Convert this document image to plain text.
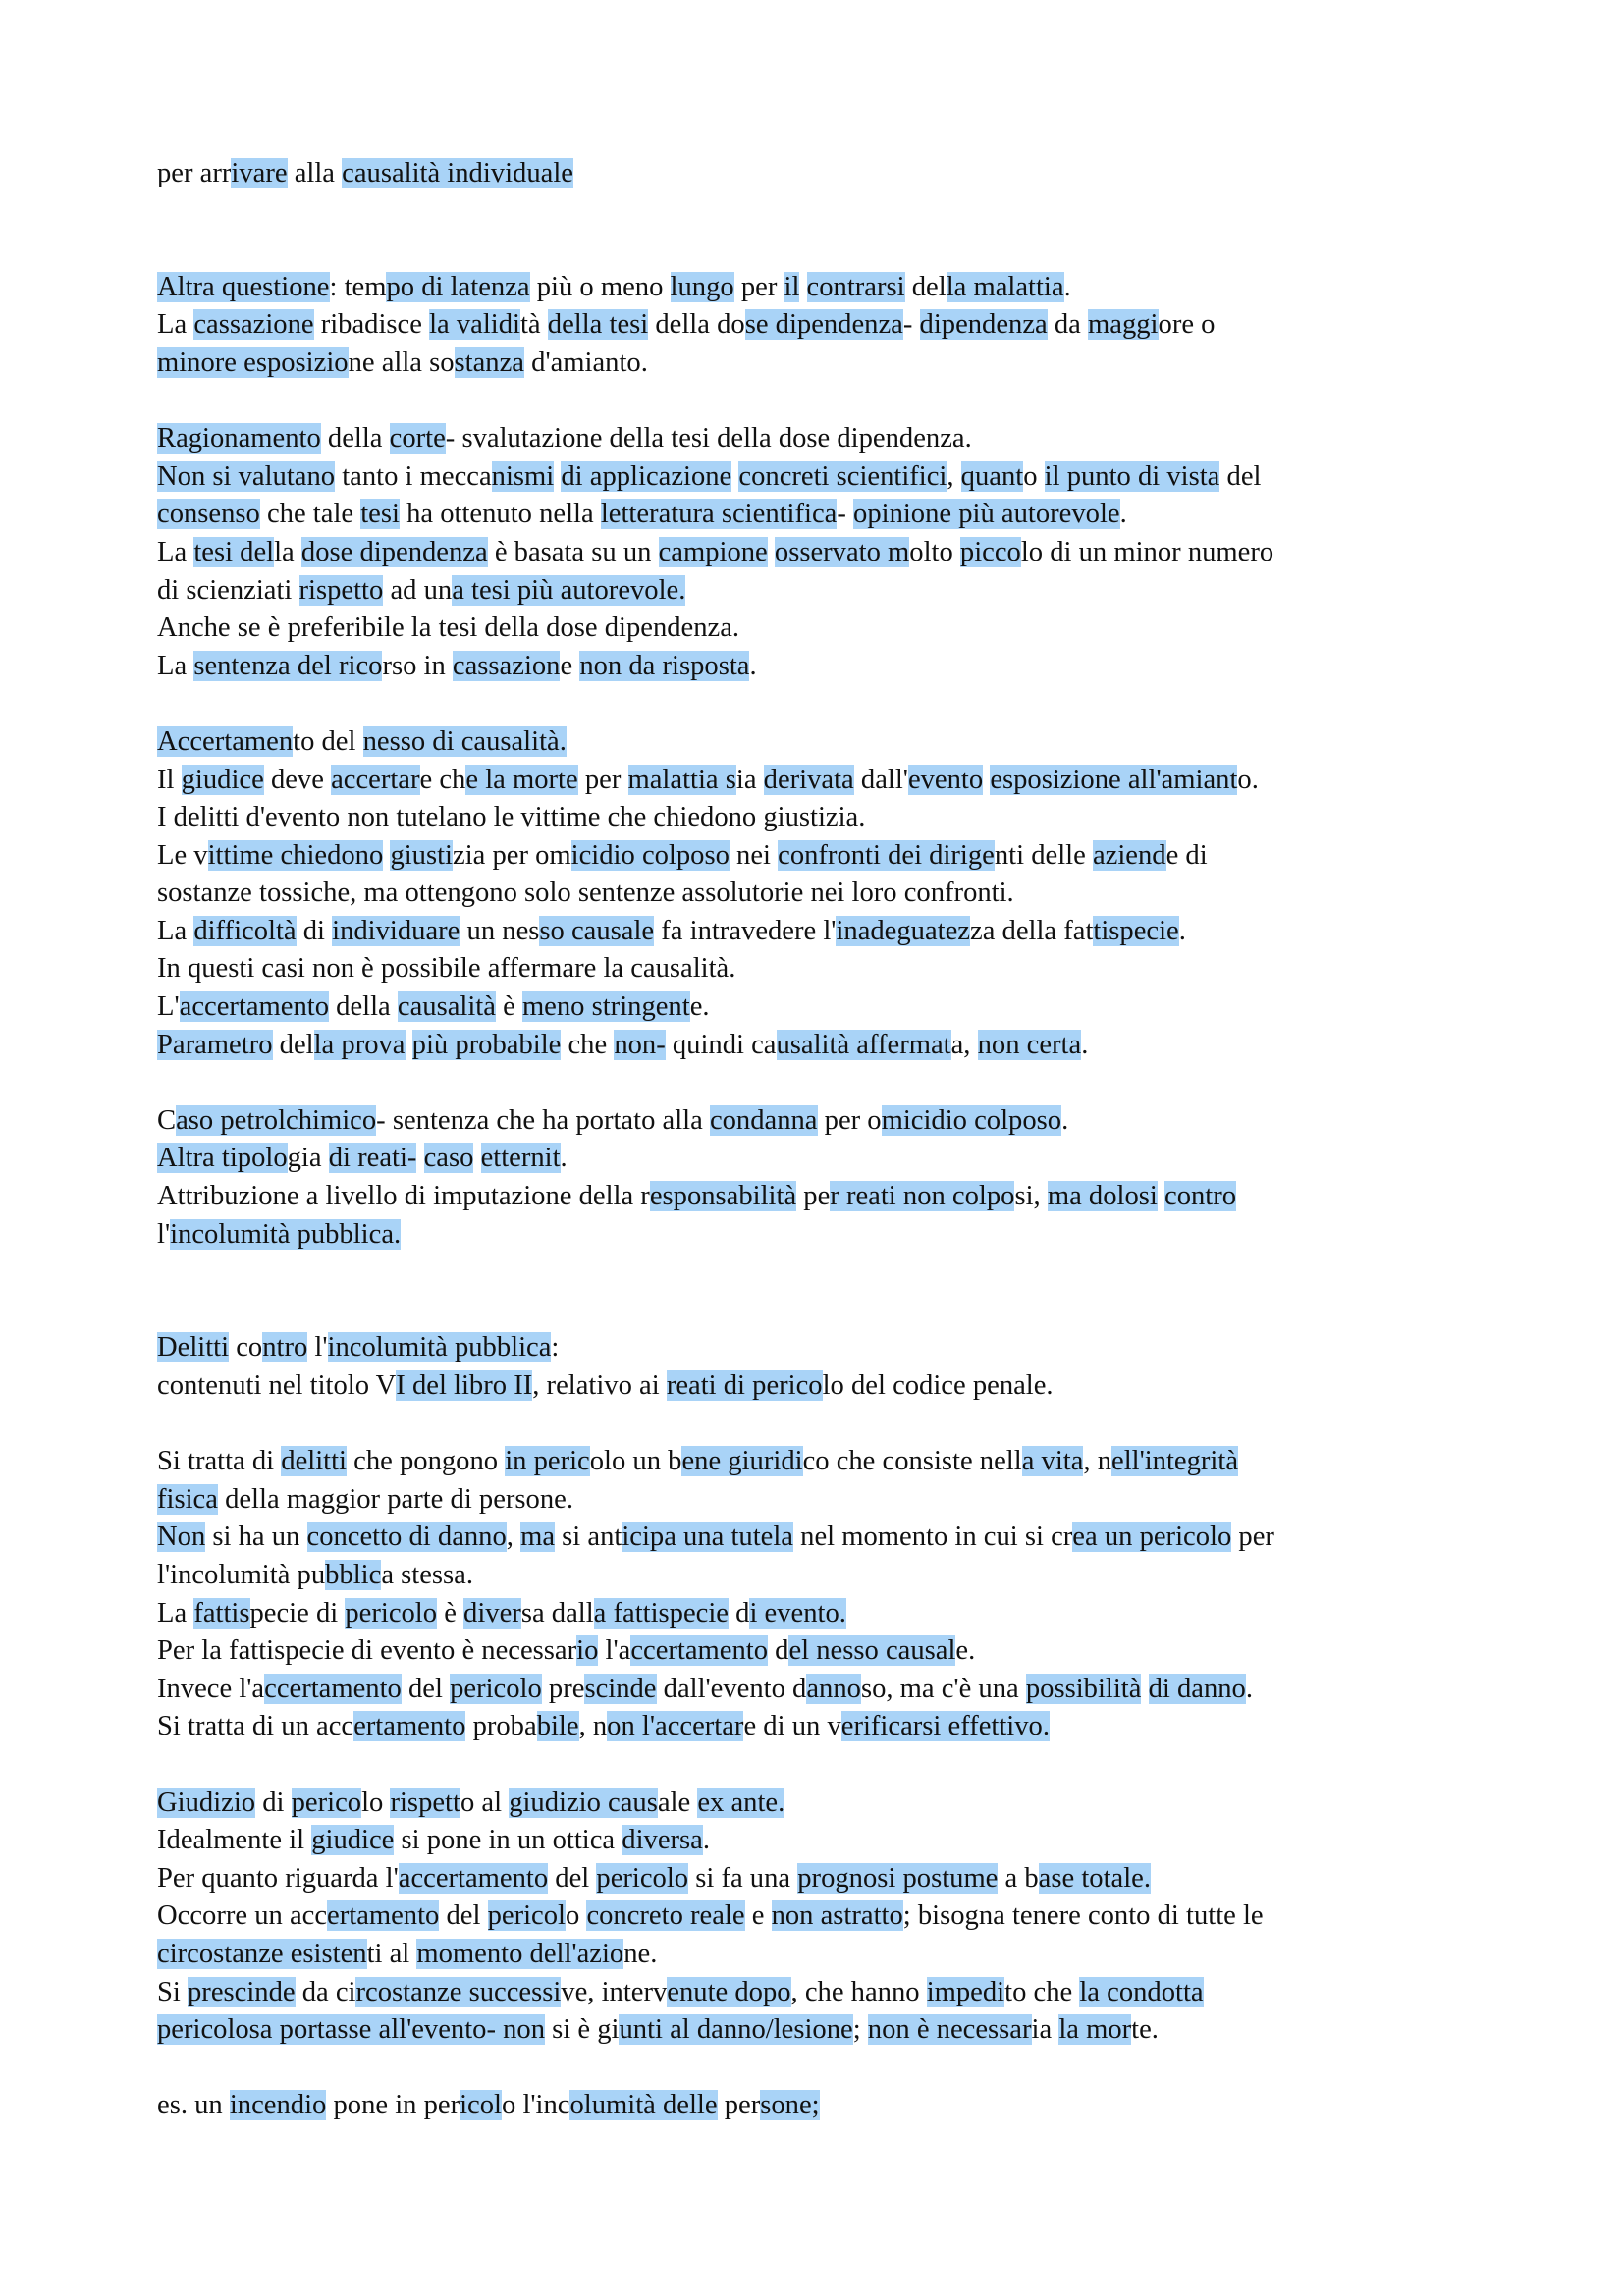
per arrivare alla causalità individuale
Altra questione: tempo di latenza più o meno lungo per il contrarsi della malattia.
La cassazione ribadisce la validità della tesi della dose dipendenza- dipendenza da maggiore o
minore esposizione alla sostanza d'amianto.
Ragionamento della corte- svalutazione della tesi della dose dipendenza.
Non si valutano tanto i meccanismi di applicazione concreti scientifici, quanto il punto di vista del
consenso che tale tesi ha ottenuto nella letteratura scientifica- opinione più autorevole.
La tesi della dose dipendenza è basata su un campione osservato molto piccolo di un minor numero
di scienziati rispetto ad una tesi più autorevole.
Anche se è preferibile la tesi della dose dipendenza.
La sentenza del ricorso in cassazione non da risposta.
Accertamento del nesso di causalità.
Il giudice deve accertare che la morte per malattia sia derivata dall'evento esposizione all'amianto.
I delitti d'evento non tutelano le vittime che chiedono giustizia.
Le vittime chiedono giustizia per omicidio colposo nei confronti dei dirigenti delle aziende di
sostanze tossiche, ma ottengono solo sentenze assolutorie nei loro confronti.
La difficoltà di individuare un nesso causale fa intravedere l'inadeguatezza della fattispecie.
In questi casi non è possibile affermare la causalità.
L'accertamento della causalità è meno stringente.
Parametro della prova più probabile che non- quindi causalità affermata, non certa.
Caso petrolchimico- sentenza che ha portato alla condanna per omicidio colposo.
Altra tipologia di reati- caso etternit.
Attribuzione a livello di imputazione della responsabilità per reati non colposi, ma dolosi contro
l'incolumità pubblica.
Delitti contro l'incolumità pubblica:
contenuti nel titolo VI del libro II, relativo ai reati di pericolo del codice penale.
Si tratta di delitti che pongono in pericolo un bene giuridico che consiste nella vita, nell'integrità
fisica della maggior parte di persone.
Non si ha un concetto di danno, ma si anticipa una tutela nel momento in cui si crea un pericolo per
l'incolumità pubblica stessa.
La fattispecie di pericolo è diversa dalla fattispecie di evento.
Per la fattispecie di evento è necessario l'accertamento del nesso causale.
Invece l'accertamento del pericolo prescinde dall'evento dannoso, ma c'è una possibilità di danno.
Si tratta di un accertamento probabile, non l'accertare di un verificarsi effettivo.
Giudizio di pericolo rispetto al giudizio causale ex ante.
Idealmente il giudice si pone in un ottica diversa.
Per quanto riguarda l'accertamento del pericolo si fa una prognosi postume a base totale.
Occorre un accertamento del pericolo concreto reale e non astratto; bisogna tenere conto di tutte le
circostanze esistenti al momento dell'azione.
Si prescinde da circostanze successive, intervenute dopo, che hanno impedito che la condotta
pericolosa portasse all'evento- non si è giunti al danno/lesione; non è necessaria la morte.
es. un incendio pone in pericolo l'incolumità delle persone;
